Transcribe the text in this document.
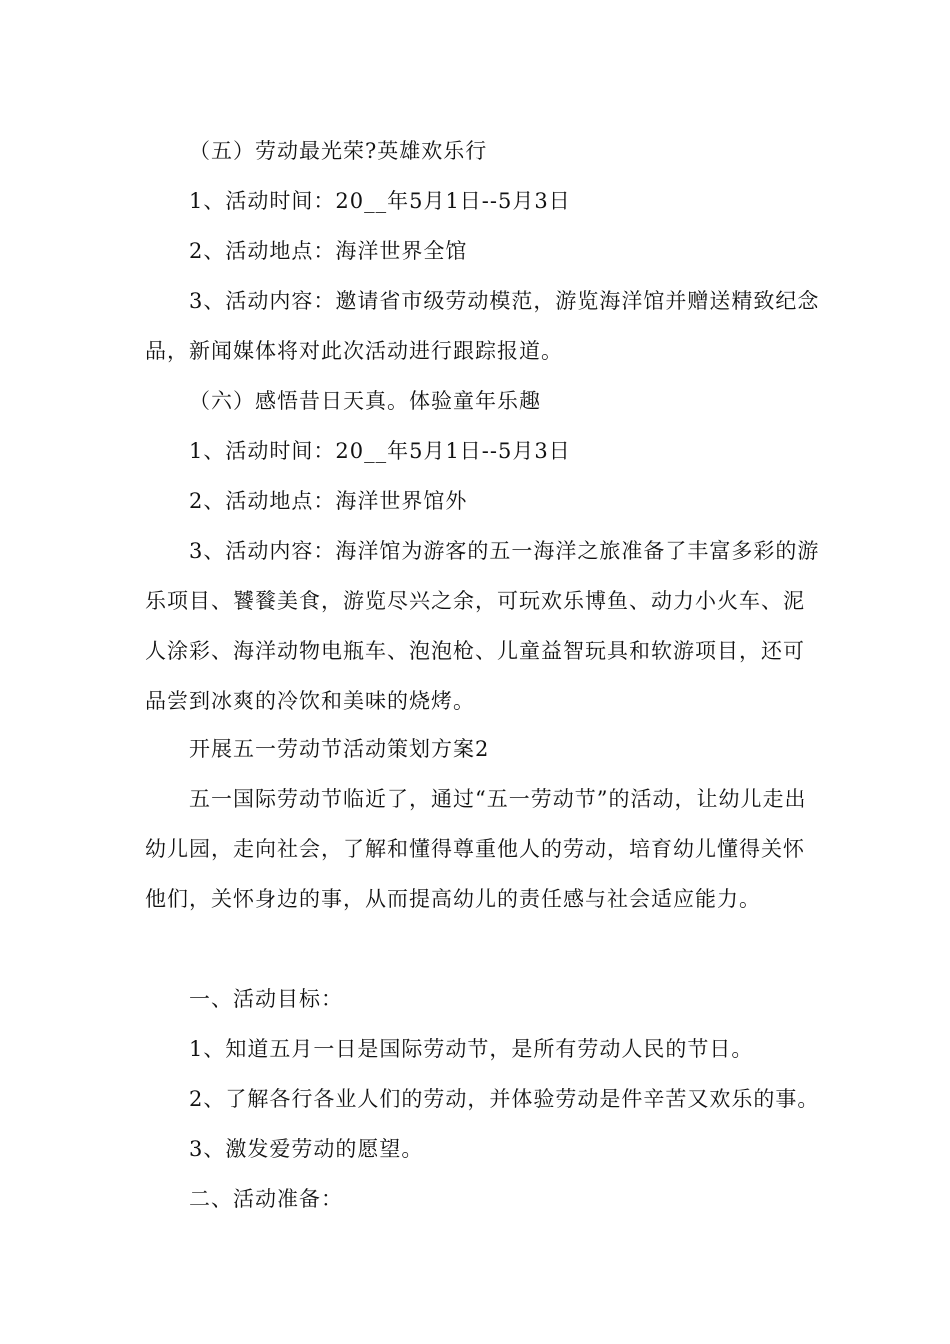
（五）劳动最光荣?英雄欢乐行

1、活动时间：20__年5月1日--5月3日

2、活动地点：海洋世界全馆

3、活动内容：邀请省市级劳动模范，游览海洋馆并赠送精致纪念品，新闻媒体将对此次活动进行跟踪报道。

（六）感悟昔日天真。体验童年乐趣

1、活动时间：20__年5月1日--5月3日

2、活动地点：海洋世界馆外

3、活动内容：海洋馆为游客的五一海洋之旅准备了丰富多彩的游乐项目、饕餮美食，游览尽兴之余，可玩欢乐博鱼、动力小火车、泥人涂彩、海洋动物电瓶车、泡泡枪、儿童益智玩具和软游项目，还可品尝到冰爽的冷饮和美味的烧烤。

开展五一劳动节活动策划方案2

五一国际劳动节临近了，通过“五一劳动节”的活动，让幼儿走出幼儿园，走向社会，了解和懂得尊重他人的劳动，培育幼儿懂得关怀他们，关怀身边的事，从而提高幼儿的责任感与社会适应能力。

一、活动目标：

1、知道五月一日是国际劳动节，是所有劳动人民的节日。

2、了解各行各业人们的劳动，并体验劳动是件辛苦又欢乐的事。

3、激发爱劳动的愿望。

二、活动准备：
